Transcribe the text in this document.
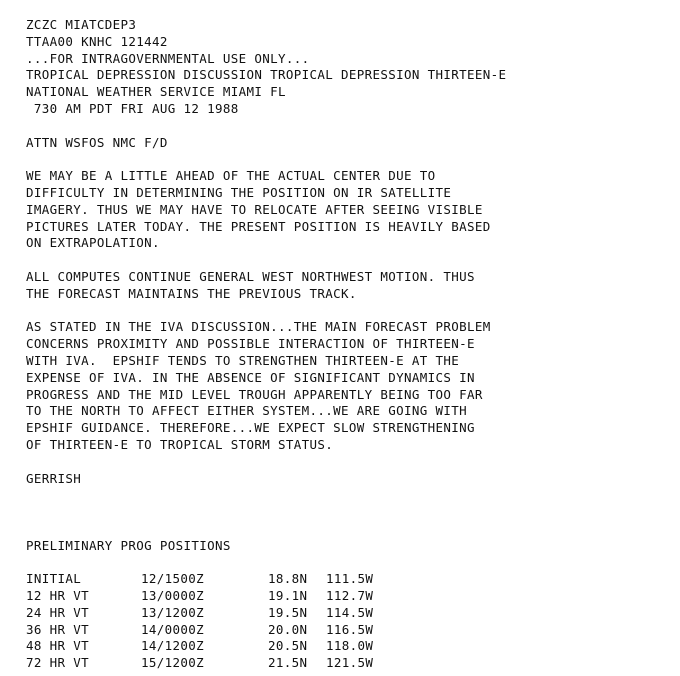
ZCZC MIATCDEP3
TTAA00 KNHC 121442
...FOR INTRAGOVERNMENTAL USE ONLY...
TROPICAL DEPRESSION DISCUSSION TROPICAL DEPRESSION THIRTEEN-E
NATIONAL WEATHER SERVICE MIAMI FL
730 AM PDT FRI AUG 12 1988
ATTN WSFOS NMC F/D
WE MAY BE A LITTLE AHEAD OF THE ACTUAL CENTER DUE TO
DIFFICULTY IN DETERMINING THE POSITION ON IR SATELLITE
IMAGERY. THUS WE MAY HAVE TO RELOCATE AFTER SEEING VISIBLE
PICTURES LATER TODAY. THE PRESENT POSITION IS HEAVILY BASED
ON EXTRAPOLATION.
ALL COMPUTES CONTINUE GENERAL WEST NORTHWEST MOTION. THUS
THE FORECAST MAINTAINS THE PREVIOUS TRACK.
AS STATED IN THE IVA DISCUSSION...THE MAIN FORECAST PROBLEM
CONCERNS PROXIMITY AND POSSIBLE INTERACTION OF THIRTEEN-E
WITH IVA.  EPSHIF TENDS TO STRENGTHEN THIRTEEN-E AT THE
EXPENSE OF IVA. IN THE ABSENCE OF SIGNIFICANT DYNAMICS IN
PROGRESS AND THE MID LEVEL TROUGH APPARENTLY BEING TOO FAR
TO THE NORTH TO AFFECT EITHER SYSTEM...WE ARE GOING WITH
EPSHIF GUIDANCE. THEREFORE...WE EXPECT SLOW STRENGTHENING
OF THIRTEEN-E TO TROPICAL STORM STATUS.
GERRISH
PRELIMINARY PROG POSITIONS
INITIAL	12/1500Z	18.8N	111.5W
12 HR VT	13/0000Z	19.1N	112.7W
24 HR VT	13/1200Z	19.5N	114.5W
36 HR VT	14/0000Z	20.0N	116.5W
48 HR VT	14/1200Z	20.5N	118.0W
72 HR VT	15/1200Z	21.5N	121.5W
